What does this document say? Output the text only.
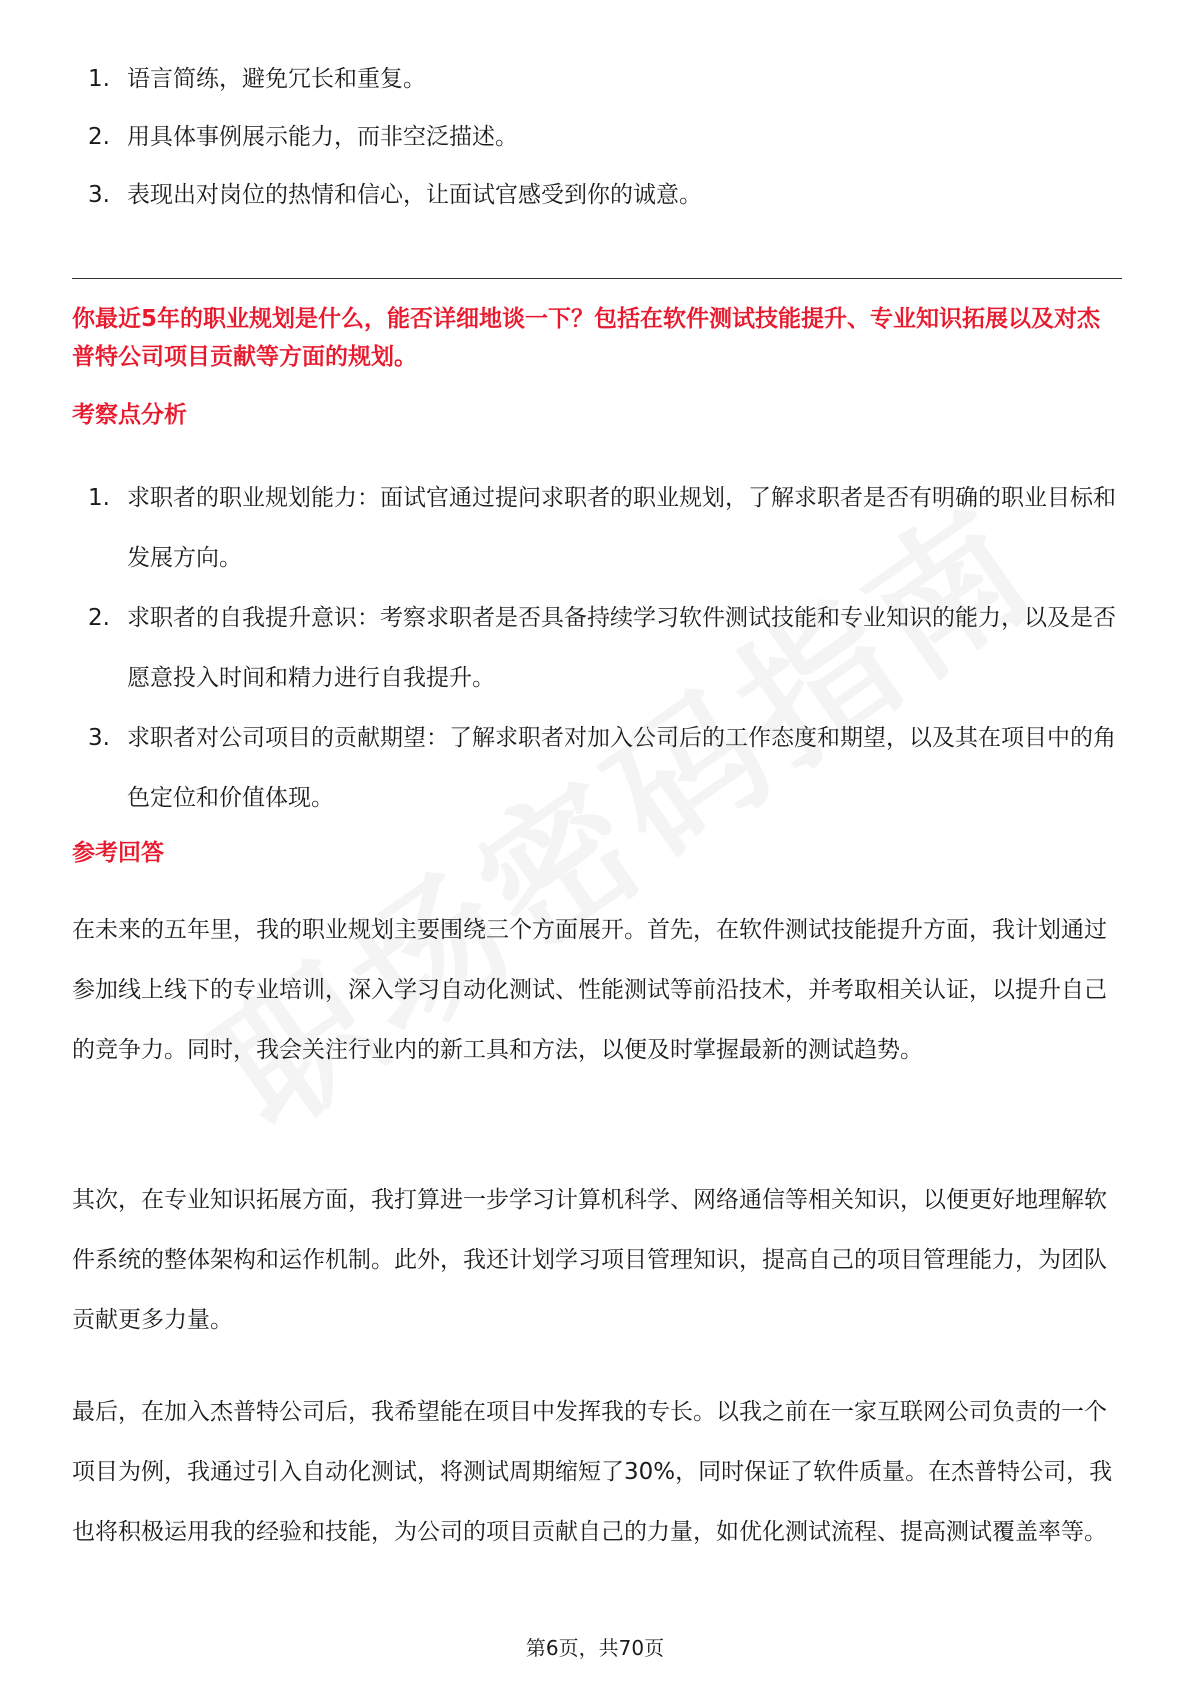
1. 语言简练，避免冗长和重复。
2. 用具体事例展示能力，而非空泛描述。
3. 表现出对岗位的热情和信心，让面试官感受到你的诚意。

你最近5年的职业规划是什么，能否详细地谈一下？包括在软件测试技能提升、专业知识拓展以及对杰普特公司项目贡献等方面的规划。

考察点分析
1. 求职者的职业规划能力：面试官通过提问求职者的职业规划，了解求职者是否有明确的职业目标和发展方向。
2. 求职者的自我提升意识：考察求职者是否具备持续学习软件测试技能和专业知识的能力，以及是否愿意投入时间和精力进行自我提升。
3. 求职者对公司项目的贡献期望：了解求职者对加入公司后的工作态度和期望，以及其在项目中的角色定位和价值体现。
参考回答

在未来的五年里，我的职业规划主要围绕三个方面展开。首先，在软件测试技能提升方面，我计划通过参加线上线下的专业培训，深入学习自动化测试、性能测试等前沿技术，并考取相关认证，以提升自己的竞争力。同时，我会关注行业内的新工具和方法，以便及时掌握最新的测试趋势。

其次，在专业知识拓展方面，我打算进一步学习计算机科学、网络通信等相关知识，以便更好地理解软件系统的整体架构和运作机制。此外，我还计划学习项目管理知识，提高自己的项目管理能力，为团队贡献更多力量。

最后，在加入杰普特公司后，我希望能在项目中发挥我的专长。以我之前在一家互联网公司负责的一个项目为例，我通过引入自动化测试，将测试周期缩短了30%，同时保证了软件质量。在杰普特公司，我也将积极运用我的经验和技能，为公司的项目贡献自己的力量，如优化测试流程、提高测试覆盖率等。

第6页，共70页
